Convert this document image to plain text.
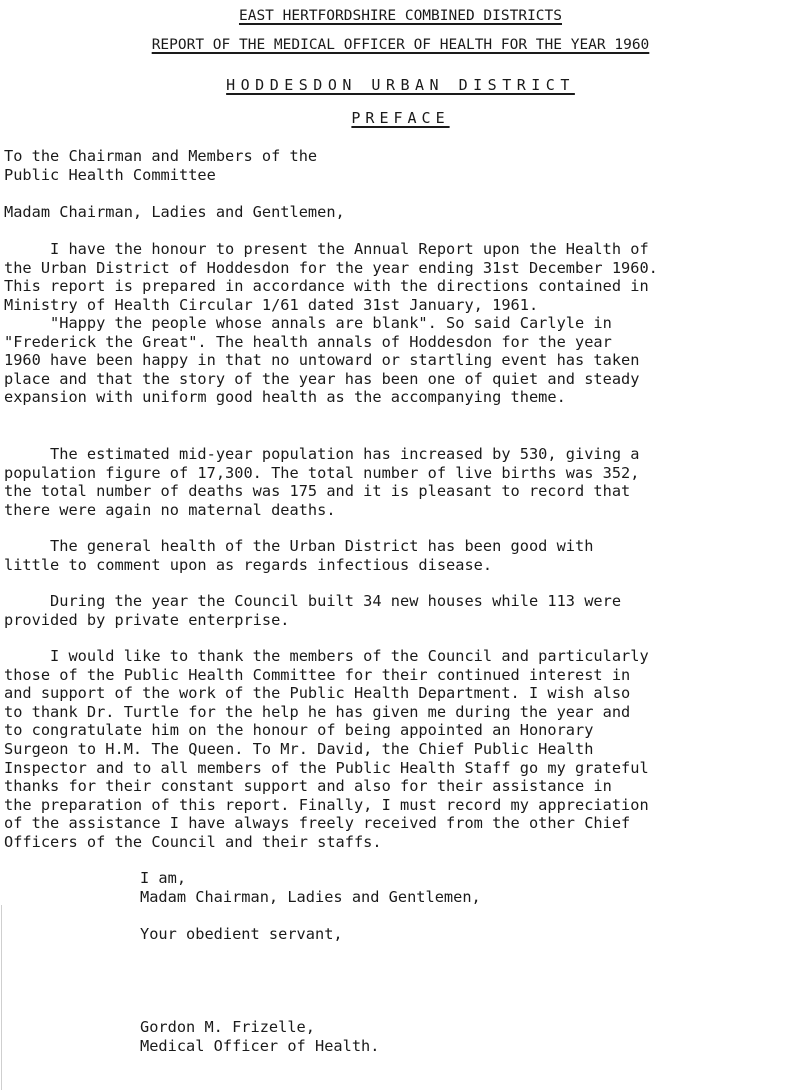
EAST HERTFORDSHIRE COMBINED DISTRICTS
REPORT OF THE MEDICAL OFFICER OF HEALTH FOR THE YEAR 1960
HODDESDON URBAN DISTRICT
PREFACE
To the Chairman and Members of the
Public Health Committee
Madam Chairman, Ladies and Gentlemen,
I have the honour to present the Annual Report upon the Health of
the Urban District of Hoddesdon for the year ending 31st December 1960.
This report is prepared in accordance with the directions contained in
Ministry of Health Circular 1/61 dated 31st January, 1961.
"Happy the people whose annals are blank". So said Carlyle in
"Frederick the Great". The health annals of Hoddesdon for the year
1960 have been happy in that no untoward or startling event has taken
place and that the story of the year has been one of quiet and steady
expansion with uniform good health as the accompanying theme.
The estimated mid-year population has increased by 530, giving a
population figure of 17,300. The total number of live births was 352,
the total number of deaths was 175 and it is pleasant to record that
there were again no maternal deaths.
The general health of the Urban District has been good with
little to comment upon as regards infectious disease.
During the year the Council built 34 new houses while 113 were
provided by private enterprise.
I would like to thank the members of the Council and particularly
those of the Public Health Committee for their continued interest in
and support of the work of the Public Health Department. I wish also
to thank Dr. Turtle for the help he has given me during the year and
to congratulate him on the honour of being appointed an Honorary
Surgeon to H.M. The Queen. To Mr. David, the Chief Public Health
Inspector and to all members of the Public Health Staff go my grateful
thanks for their constant support and also for their assistance in
the preparation of this report. Finally, I must record my appreciation
of the assistance I have always freely received from the other Chief
Officers of the Council and their staffs.
I am,
Madam Chairman, Ladies and Gentlemen,

Your obedient servant,
Gordon M. Frizelle,
Medical Officer of Health.
